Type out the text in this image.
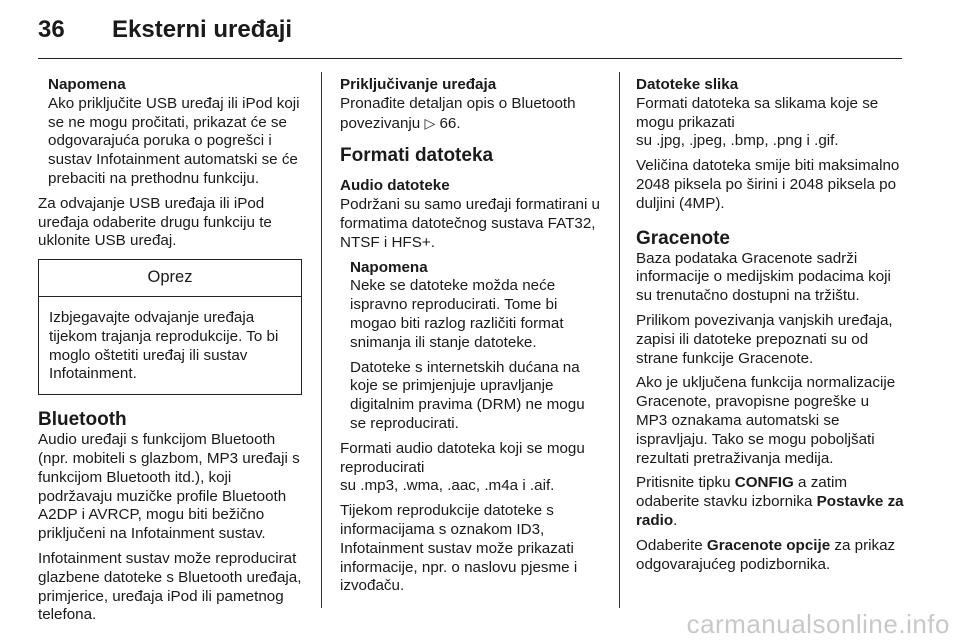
36 Eksterni uređaji
Napomena

Ako priključite USB uređaj ili iPod koji se ne mogu pročitati, prikazat će se odgovarajuća poruka o pogrešci i sustav Infotainment automatski se će prebaciti na prethodnu funkciju.

Za odvajanje USB uređaja ili iPod uređaja odaberite drugu funkciju te uklonite USB uređaj.

Oprez
Izbjegavajte odvajanje uređaja tijekom trajanja reprodukcije. To bi moglo oštetiti uređaj ili sustav Infotainment.
Bluetooth

Audio uređaji s funkcijom Bluetooth (npr. mobiteli s glazbom, MP3 uređaji s funkcijom Bluetooth itd.), koji podržavaju muzičke profile Bluetooth A2DP i AVRCP, mogu biti bežično priključeni na Infotainment sustav.

Infotainment sustav može reproducirat glazbene datoteke s Bluetooth uređaja, primjerice, uređaja iPod ili pametnog telefona.

Priključivanje uređaja

Pronađite detaljan opis o Bluetooth povezivanju ▷ 66.

Formati datoteka
Audio datoteke

Podržani su samo uređaji formatirani u formatima datotečnog sustava FAT32, NTSF i HFS+.

Napomena

Neke se datoteke možda neće ispravno reproducirati. Tome bi mogao biti razlog različiti format snimanja ili stanje datoteke.

Datoteke s internetskih dućana na koje se primjenjuje upravljanje digitalnim pravima (DRM) ne mogu se reproducirati.

Formati audio datoteka koji se mogu reproducirati
su .mp3, .wma, .aac, .m4a i .aif.

Tijekom reprodukcije datoteke s informacijama s oznakom ID3, Infotainment sustav može prikazati informacije, npr. o naslovu pjesme i izvođaču.

Datoteke slika

Formati datoteka sa slikama koje se mogu prikazati
su .jpg, .jpeg, .bmp, .png i .gif.

Veličina datoteka smije biti maksimalno 2048 piksela po širini i 2048 piksela po duljini (4MP).

Gracenote

Baza podataka Gracenote sadrži informacije o medijskim podacima koji su trenutačno dostupni na tržištu.

Prilikom povezivanja vanjskih uređaja, zapisi ili datoteke prepoznati su od strane funkcije Gracenote.

Ako je uključena funkcija normalizacije Gracenote, pravopisne pogreške u MP3 oznakama automatski se ispravljaju. Tako se mogu poboljšati rezultati pretraživanja medija.

Pritisnite tipku CONFIG a zatim odaberite stavku izbornika Postavke za radio.

Odaberite Gracenote opcije za prikaz odgovarajućeg podizbornika.

carmanualsonline.info
